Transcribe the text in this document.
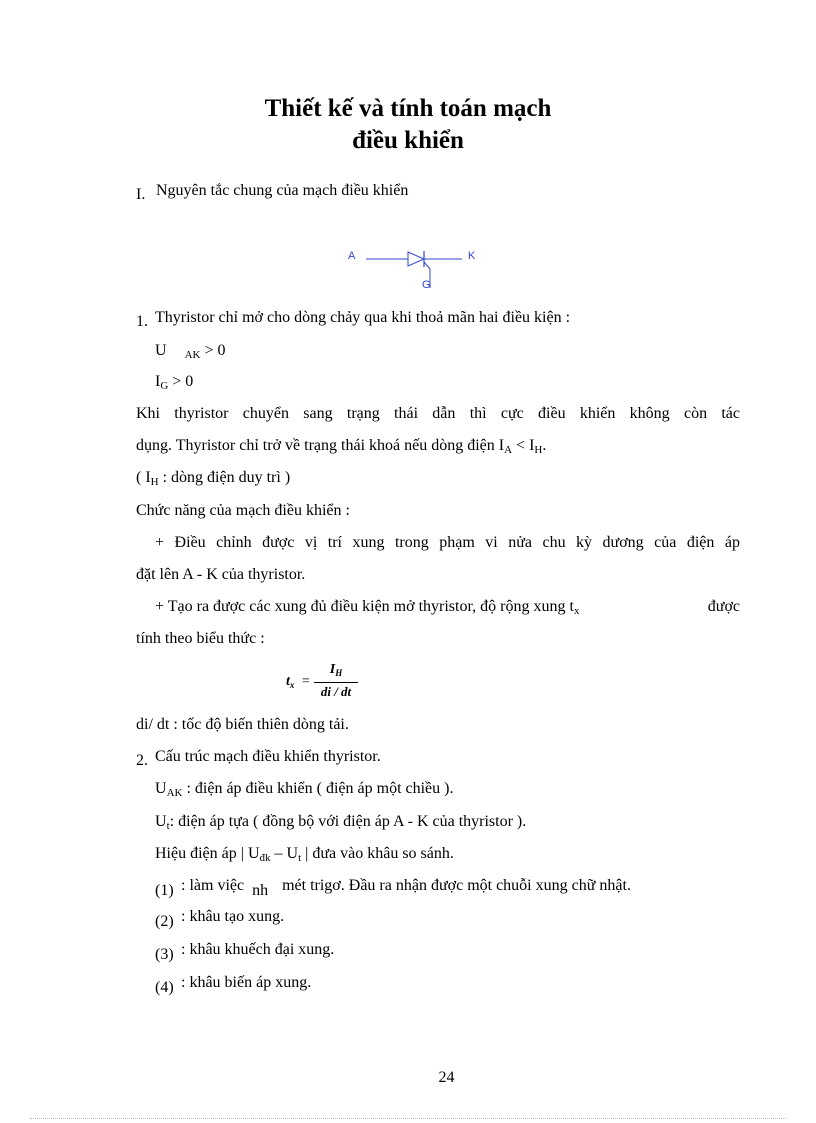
Thiết kế và tính toán mạch
điều khiển
I. Nguyên tắc chung của mạch điều khiển
A	K
G
1. Thyristor chỉ mở cho dòng chảy qua khi thoả mãn hai điều kiện :
U $_{AK}$ > 0
$I_G > 0$
Khi thyristor chuyển sang trạng thái dẫn thì cực điều khiển không còn tác
dụng. Thyristor chỉ trở về trạng thái khoá nếu dòng điện $I_A < I_H$.
( $I_H$ : dòng điện duy trì )
Chức năng của mạch điều khiển :
+ Điều chỉnh được vị trí xung trong phạm vi nửa chu kỳ dương của điện áp
đặt lên A - K của thyristor.
+ Tạo ra được các xung đủ điều kiện mở thyristor, độ rộng xung $t_x$	được
tính theo biểu thức :
$t_x$ =
$I_H$
di / dt
di/ dt : tốc độ biến thiên dòng tải.
2. Cấu trúc mạch điều khiển thyristor.
$U_{AK}$ : điện áp điều khiển ( điện áp một chiều ).
$U_t$: điện áp tựa ( đồng bộ với điện áp A - K của thyristor ).
Hiệu điện áp | $U_{đk} - U_t$ | đưa vào khâu so sánh.
(1) : làm việc nh mét trigơ. Đầu ra nhận được một chuỗi xung chữ nhật.
(2) : khâu tạo xung.
(3) : khâu khuếch đại xung.
(4) : khâu biến áp xung.
24
